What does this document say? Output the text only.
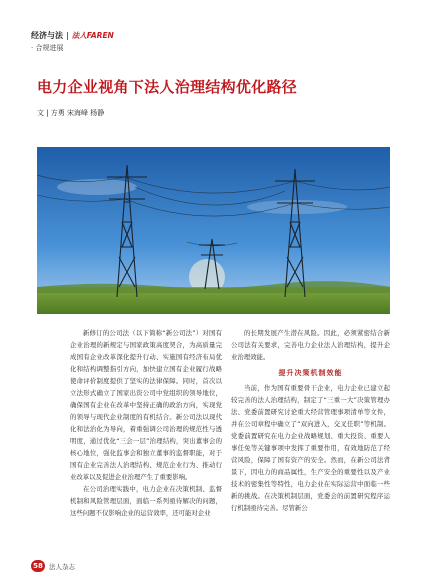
经济与法 | 法人FAREN
· 合规进展
电力企业视角下法人治理结构优化路径
文 | 方勇 宋海峰 杨静

新修订的公司法（以下简称“新公司法”）对国有企业治理的新规定与国家政策高度契合，为高质量完成国有企业改革深化提升行动、实施国有经济布局优化和结构调整指引方向，加快建立国有企业履行战略使命评价制度提供了坚实的法律保障。同时，首次以立法形式确立了国家出资公司中党组织的领导地位，确保国有企业在改革中坚持正确的政治方向，实现党的领导与现代企业制度的有机结合。新公司法以现代化和法治化为导向，着重强调公司治理的规范性与透明度，通过优化“三会一层”治理结构，突出董事会的核心地位，强化监事会和独立董事的监督职能，对于国有企业完善法人治理结构、规范企业行为、推动行业改革以及促进企业治理产生了重要影响。

在公司治理实践中，电力企业在决策机制、监督机制和风险管理层面，面临一系列亟待解决的问题，这些问题不仅影响企业的运营效率，还可能对企业

的长期发展产生潜在风险。因此，必须紧密结合新公司法有关要求，完善电力企业法人治理结构，提升企业治理效能。

提升决策机制效能

当前，作为国有重要骨干企业，电力企业已建立起较完善的法人治理结构，制定了“三重一大”决策管理办法、党委前置研究讨论重大经营管理事项清单等文件，并在公司章程中确立了“双向进入，交叉任职”等机制。党委前置研究在电力企业战略规划、重大投资、重要人事任免等关键事项中发挥了重要作用，有效地防范了经营风险，保障了国有资产的安全。然而，在新公司法背景下，因电力的商品属性，生产安全的重要性以及产业技术的密集性等特性，电力企业在实际运营中面临一些新的挑战。在决策机制层面，党委会的前置研究程序运行机制亟待完善。尽管新公

58 法人杂志
